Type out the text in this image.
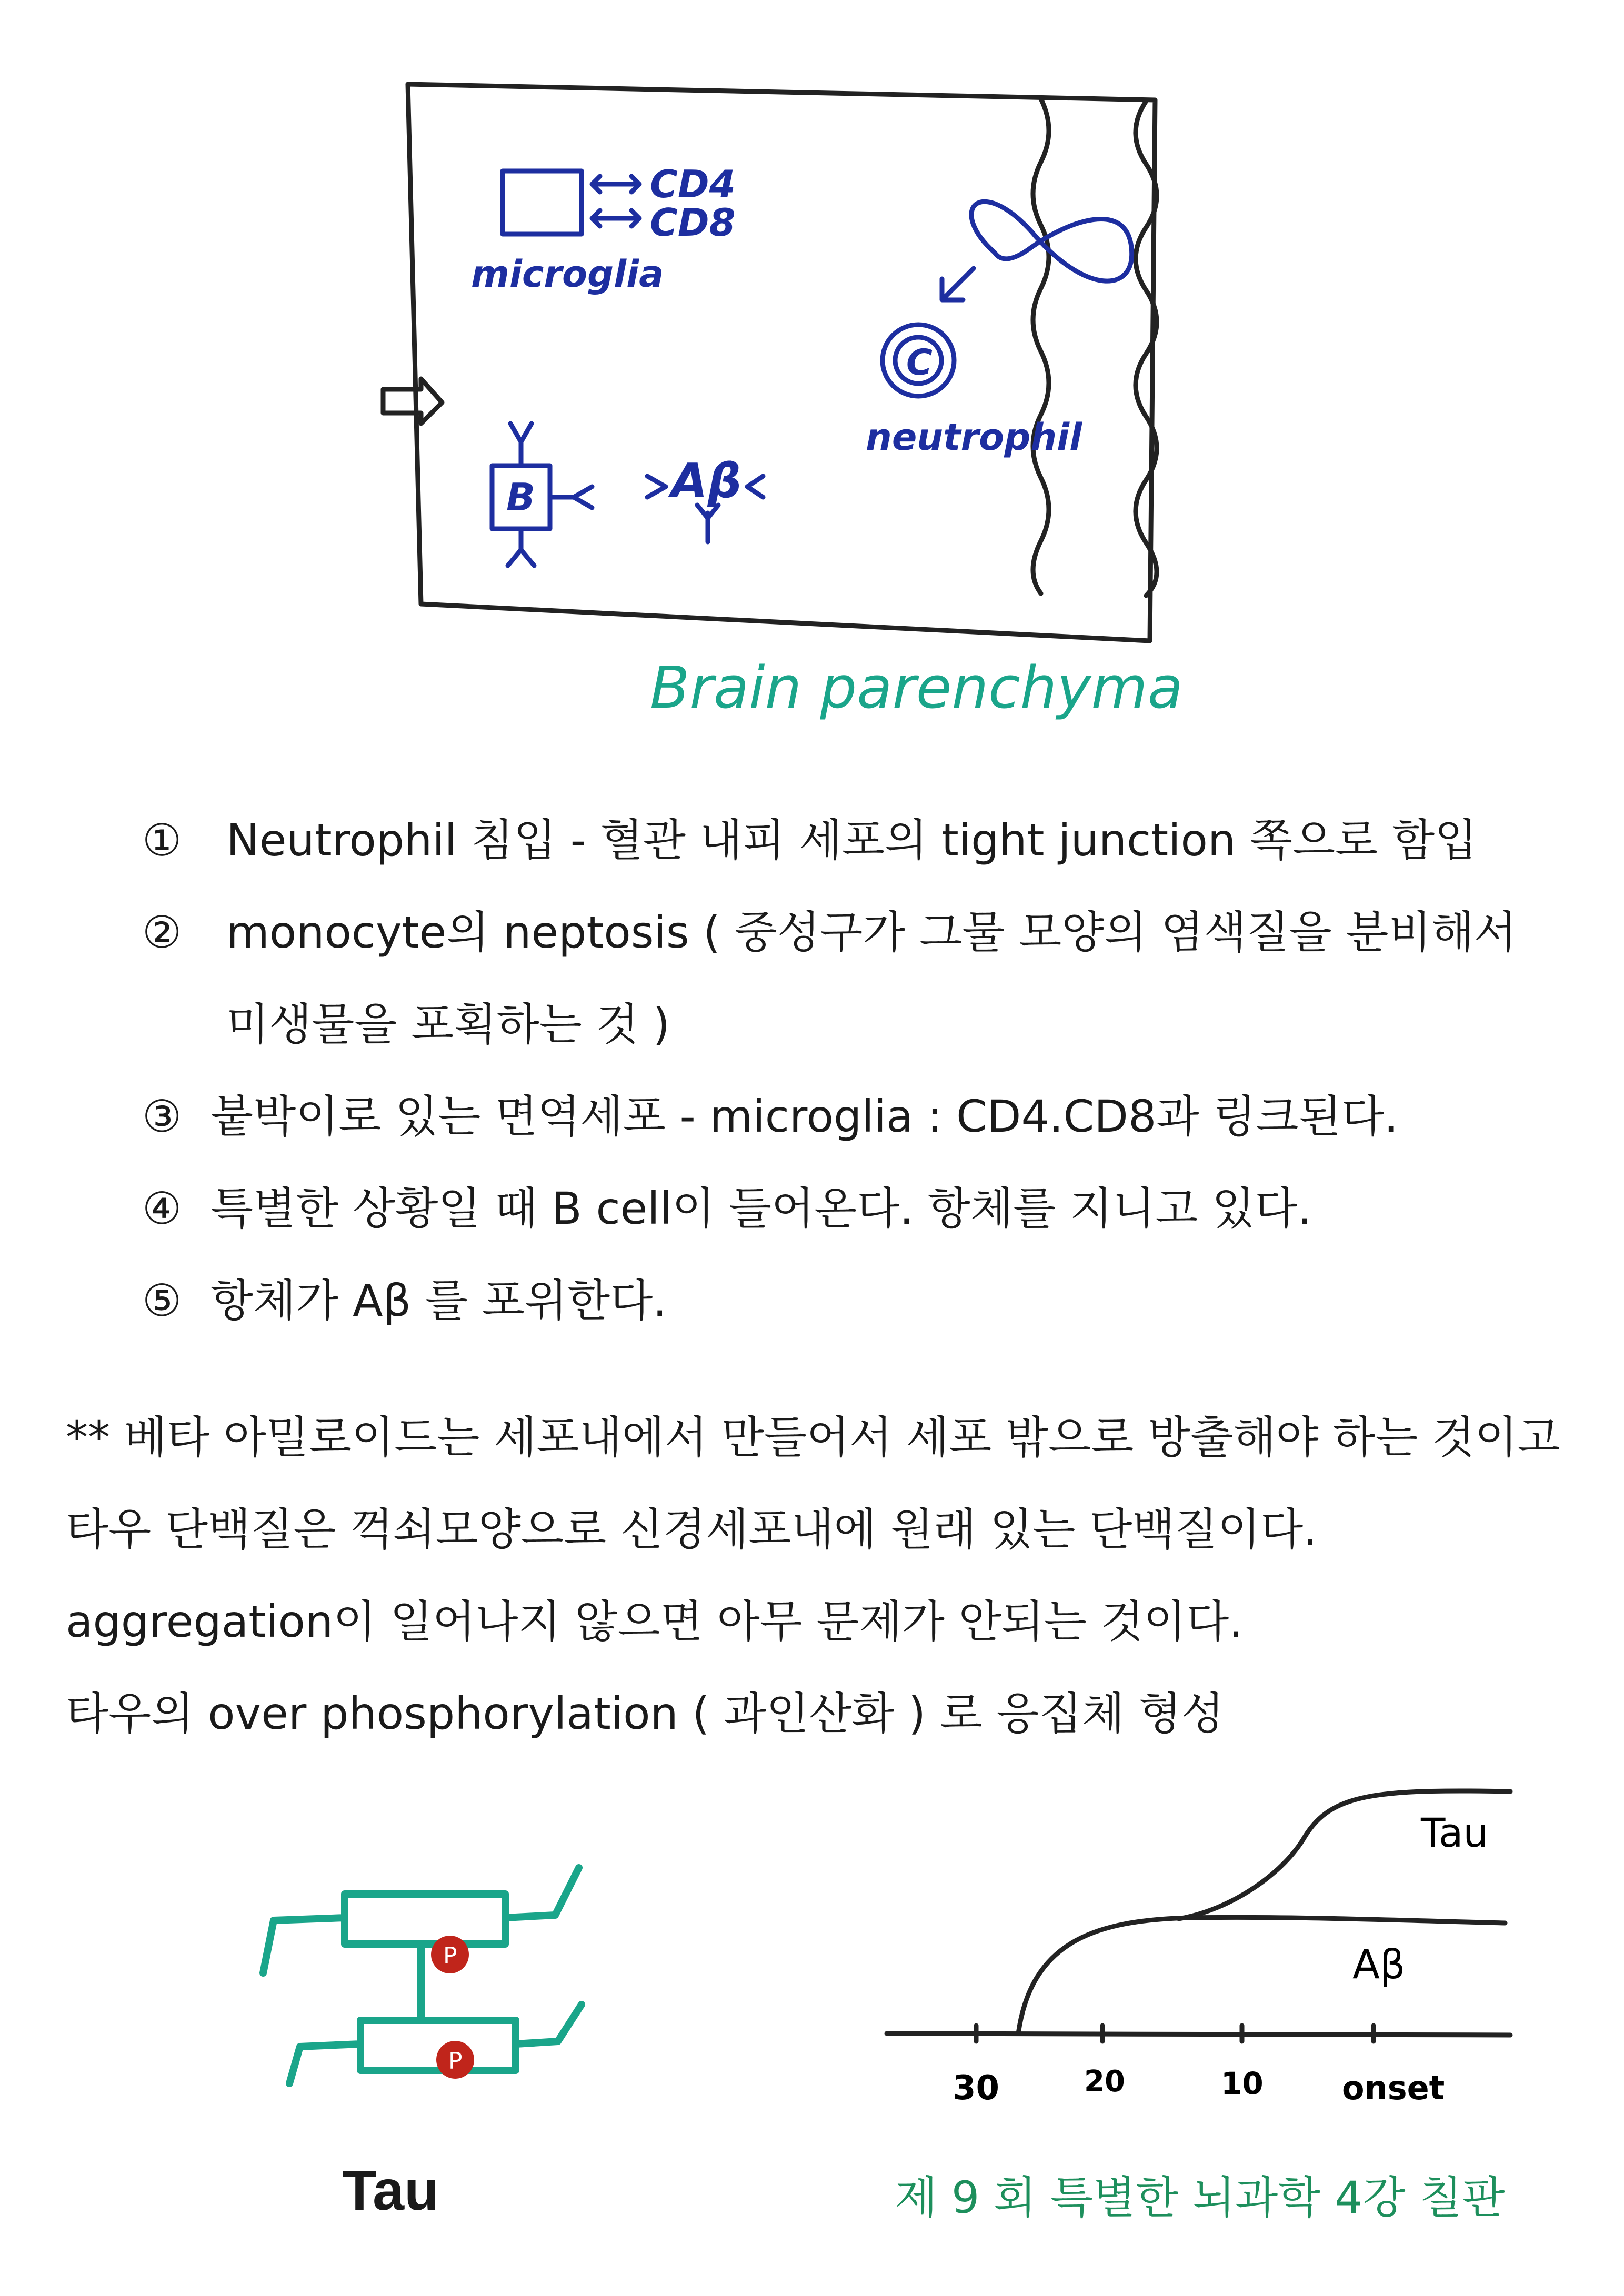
CD4
CD8
microglia
B	Aβ
C
neutrophil
Brain parenchyma
① Neutrophil 침입 - 혈관 내피 세포의 tight junction 쪽으로 함입
② monocyte의 neptosis ( 중성구가 그물 모양의 염색질을 분비해서
미생물을 포획하는 것 )
③ 붙박이로 있는 면역세포 - microglia : CD4.CD8과 링크된다.
④ 특별한 상황일 때 B cell이 들어온다. 항체를 지니고 있다.
⑤ 항체가 Aβ 를 포위한다.
** 베타 아밀로이드는 세포내에서 만들어서 세포 밖으로 방출해야 하는 것이고
타우 단백질은 꺽쇠모양으로 신경세포내에 원래 있는 단백질이다.
aggregation이 일어나지 않으면 아무 문제가 안되는 것이다.
타우의 over phosphorylation ( 과인산화 ) 로 응집체 형성
P
P
Tau
30	20	10 onset
Tau
Aβ
제 9 회 특별한 뇌과학 4강 칠판
